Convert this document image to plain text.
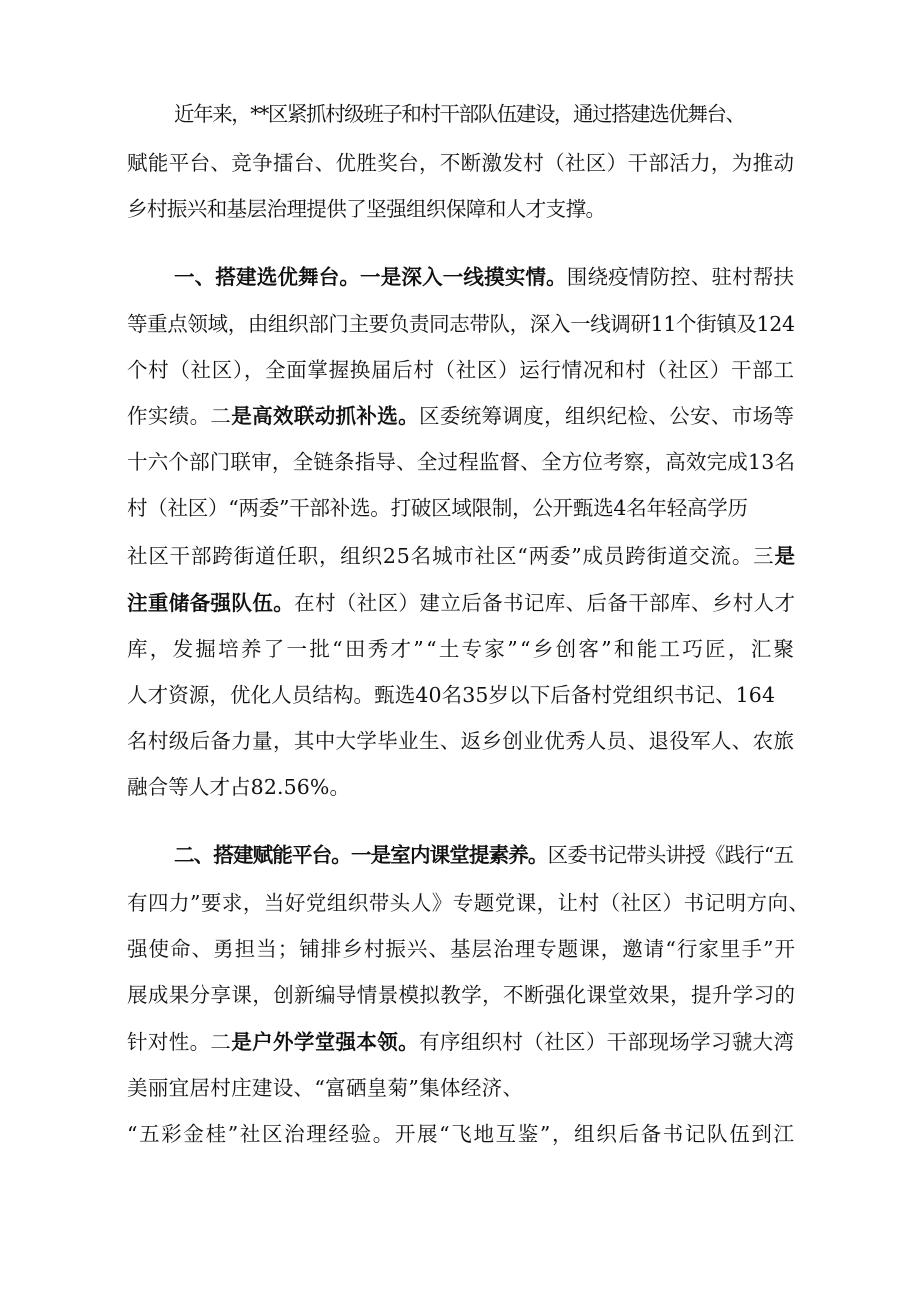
近年来，**区紧抓村级班子和村干部队伍建设，通过搭建选优舞台、
赋能平台、竞争擂台、优胜奖台，不断激发村（社区）干部活力，为推动
乡村振兴和基层治理提供了坚强组织保障和人才支撑。
一、搭建选优舞台。一是深入一线摸实情。围绕疫情防控、驻村帮扶
等重点领域，由组织部门主要负责同志带队，深入一线调研11个街镇及124
个村（社区），全面掌握换届后村（社区）运行情况和村（社区）干部工
作实绩。二是高效联动抓补选。区委统筹调度，组织纪检、公安、市场等
十六个部门联审，全链条指导、全过程监督、全方位考察，高效完成13名
村（社区）“两委”干部补选。打破区域限制，公开甄选4名年轻高学历
社区干部跨街道任职，组织25名城市社区“两委”成员跨街道交流。三是
注重储备强队伍。在村（社区）建立后备书记库、后备干部库、乡村人才
库，发掘培养了一批“田秀才”“土专家”“乡创客”和能工巧匠，汇聚
人才资源，优化人员结构。甄选40名35岁以下后备村党组织书记、164
名村级后备力量，其中大学毕业生、返乡创业优秀人员、退役军人、农旅
融合等人才占82.56%。
二、搭建赋能平台。一是室内课堂提素养。区委书记带头讲授《践行“五
有四力”要求，当好党组织带头人》专题党课，让村（社区）书记明方向、
强使命、勇担当；铺排乡村振兴、基层治理专题课，邀请“行家里手”开
展成果分享课，创新编导情景模拟教学，不断强化课堂效果，提升学习的
针对性。二是户外学堂强本领。有序组织村（社区）干部现场学习虢大湾
美丽宜居村庄建设、“富硒皇菊”集体经济、
“五彩金桂”社区治理经验。开展“飞地互鉴”，组织后备书记队伍到江
